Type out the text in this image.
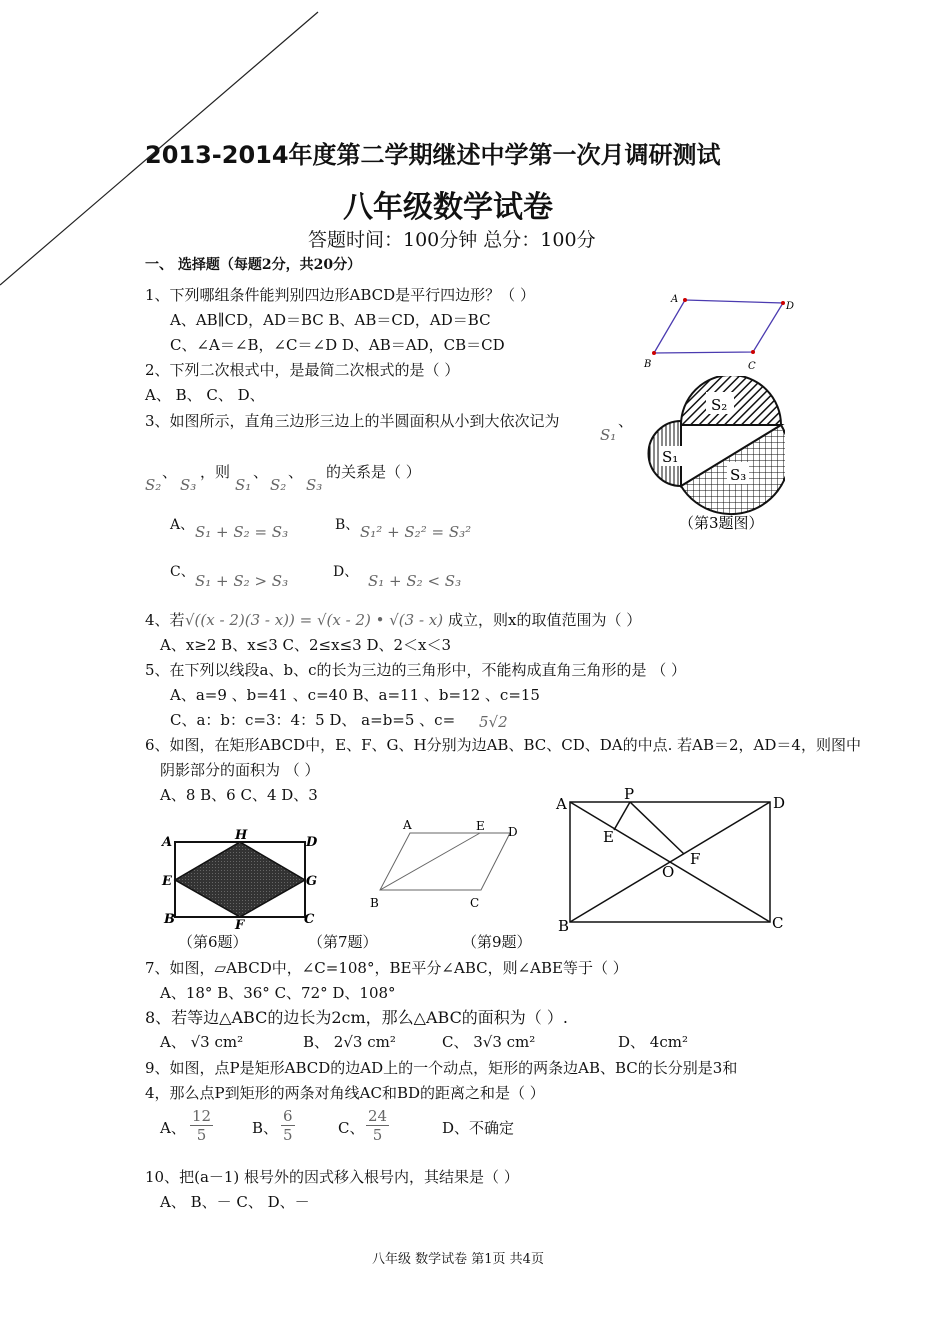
2013-2014年度第二学期继述中学第一次月调研测试
八年级数学试卷
答题时间：100分钟 总分：100分
一、 选择题（每题2分，共20分）
1、下列哪组条件能判别四边形ABCD是平行四边形？（ ）
A、AB∥CD，AD＝BC B、AB＝CD，AD＝BC
C、∠A＝∠B，∠C＝∠D D、AB＝AD，CB＝CD
A
D
C
B
2、下列二次根式中，是最简二次根式的是（ ）
A、 B、 C、 D、
3、如图所示，直角三边形三边上的半圆面积从小到大依次记为	、
S₁
S₂
、
S₃
，则
S₁
、
S₂
、
S₃
的关系是（ ）
A、 S₁ + S₂ = S₃	B、 S₁² + S₂² = S₃²
C、 S₁ + S₂ > S₃	D、 S₁ + S₂ < S₃
S₂
S₁
S₃
（第3题图）
4、若 √((x - 2)(3 - x)) = √(x - 2) • √(3 - x) 成立，则x的取值范围为（ ）
A、x≥2 B、x≤3 C、2≤x≤3 D、2＜x＜3
5、在下列以线段a、b、c的长为三边的三角形中，不能构成直角三角形的是 （ ）
A、a=9 、b=41 、c=40 B、a=11 、b=12 、c=15
C、a：b：c=3：4：5 D、 a=b=5 、c= 5√2
6、如图，在矩形ABCD中，E、F、G、H分别为边AB、BC、CD、DA的中点. 若AB＝2，AD＝4，则图中
阴影部分的面积为 （ ）
A、8 B、6 C、4 D、3
A	H	D
E	G
B	F	C
A	E D
B	C
A
P	D
E
F
O
B	C
（第6题）	（第7题）	（第9题）
7、如图，▱ABCD中，∠C=108°，BE平分∠ABC，则∠ABE等于（ ）
A、18° B、36° C、72° D、108°
8、若等边△ABC的边长为2cm，那么△ABC的面积为（ ）.
A、 √3 cm²	B、 2√3 cm²	C、 3√3 cm²	D、 4cm²
9、如图，点P是矩形ABCD的边AD上的一个动点，矩形的两条边AB、BC的长分别是3和
4，那么点P到矩形的两条对角线AC和BD的距离之和是（ ）
A、 $\frac{12}{5}$	B、 $\frac{6}{5}$	C、 $\frac{24}{5}$	D、不确定
10、把(a－1) 根号外的因式移入根号内，其结果是（ ）
A、 B、－ C、 D、－
八年级 数学试卷 第1页 共4页
